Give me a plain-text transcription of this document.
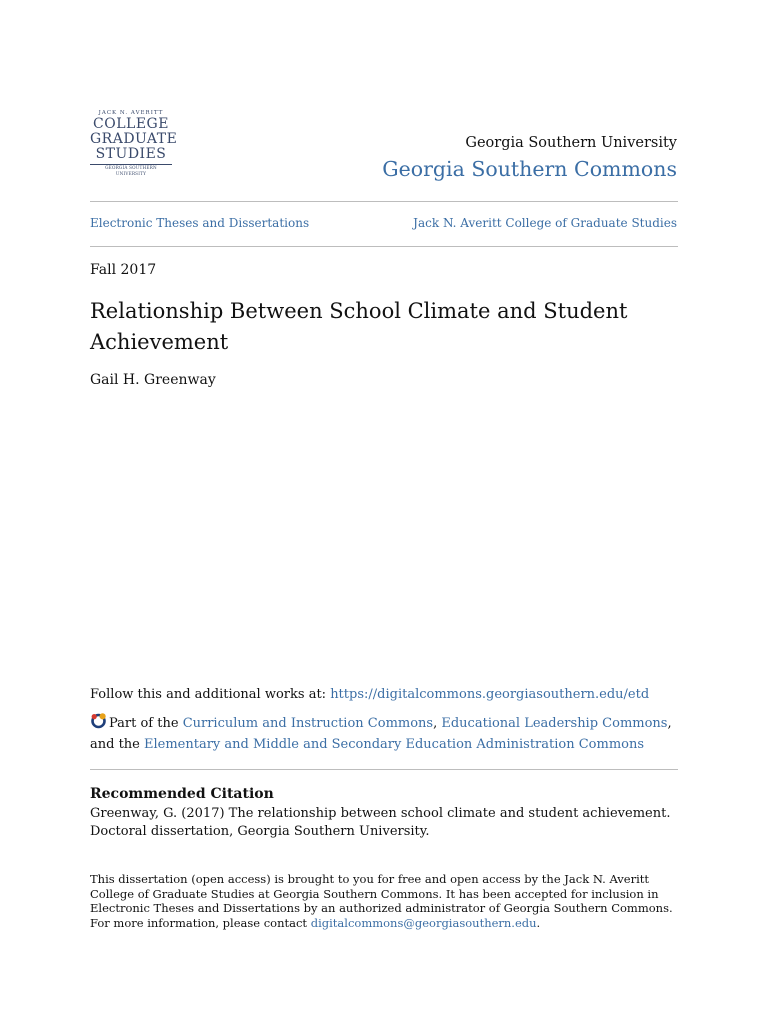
JACK N. AVERITT
COLLEGE
GRADUATE
STUDIES
GEORGIA SOUTHERN UNIVERSITY
Georgia Southern University
Georgia Southern Commons
Electronic Theses and Dissertations	Jack N. Averitt College of Graduate Studies
Fall 2017
Relationship Between School Climate and Student Achievement
Gail H. Greenway
Follow this and additional works at: https://digitalcommons.georgiasouthern.edu/etd
Part of the Curriculum and Instruction Commons, Educational Leadership Commons,
and the Elementary and Middle and Secondary Education Administration Commons
Recommended Citation
Greenway, G. (2017) The relationship between school climate and student achievement. Doctoral dissertation, Georgia Southern University.
This dissertation (open access) is brought to you for free and open access by the Jack N. Averitt College of Graduate Studies at Georgia Southern Commons. It has been accepted for inclusion in Electronic Theses and Dissertations by an authorized administrator of Georgia Southern Commons. For more information, please contact digitalcommons@georgiasouthern.edu.
